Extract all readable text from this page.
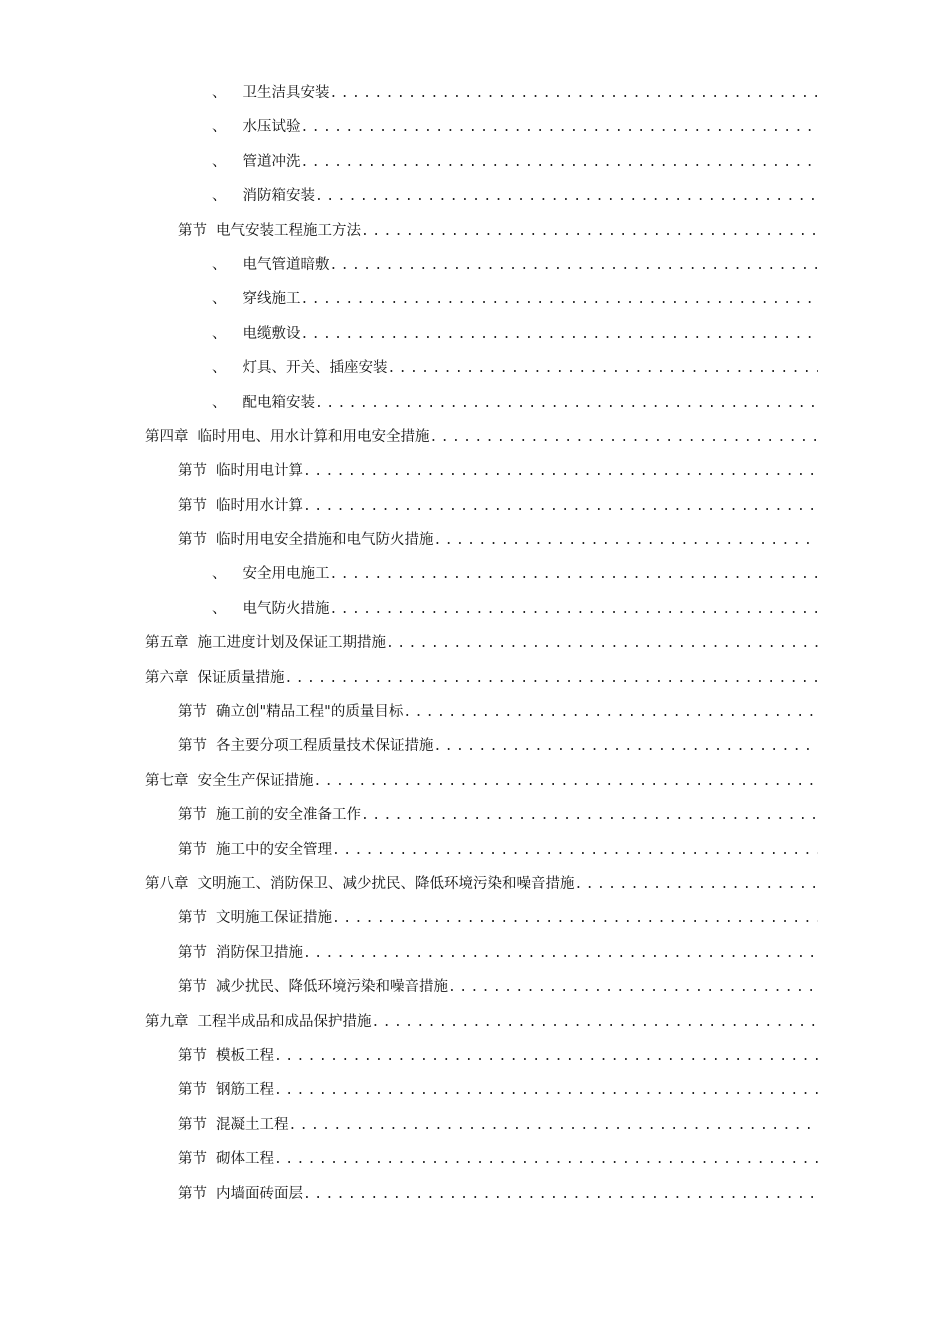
、 卫生洁具安装
.....
、 水压试验
.....
、 管道冲洗
.....
、 消防箱安装
.....
第节 电气安装工程施工方法
.....
、 电气管道暗敷
.....
、 穿线施工
.....
、 电缆敷设
.....
、 灯具、开关、插座安装
.....
、 配电箱安装
.....
第四章 临时用电、用水计算和用电安全措施
.....
第节 临时用电计算
.....
第节 临时用水计算
.....
第节 临时用电安全措施和电气防火措施
.....
、 安全用电施工
.....
、 电气防火措施
.....
第五章 施工进度计划及保证工期措施
.....
第六章 保证质量措施
.....
第节 确立创"精品工程"的质量目标
.....
第节 各主要分项工程质量技术保证措施
.....
第七章 安全生产保证措施
.....
第节 施工前的安全准备工作
.....
第节 施工中的安全管理
.....
第八章 文明施工、消防保卫、减少扰民、降低环境污染和噪音措施
.....
第节 文明施工保证措施
.....
第节 消防保卫措施
.....
第节 减少扰民、降低环境污染和噪音措施
.....
第九章 工程半成品和成品保护措施
.....
第节 模板工程
.....
第节 钢筋工程
.....
第节 混凝土工程
.....
第节 砌体工程
.....
第节 内墙面砖面层
.....
